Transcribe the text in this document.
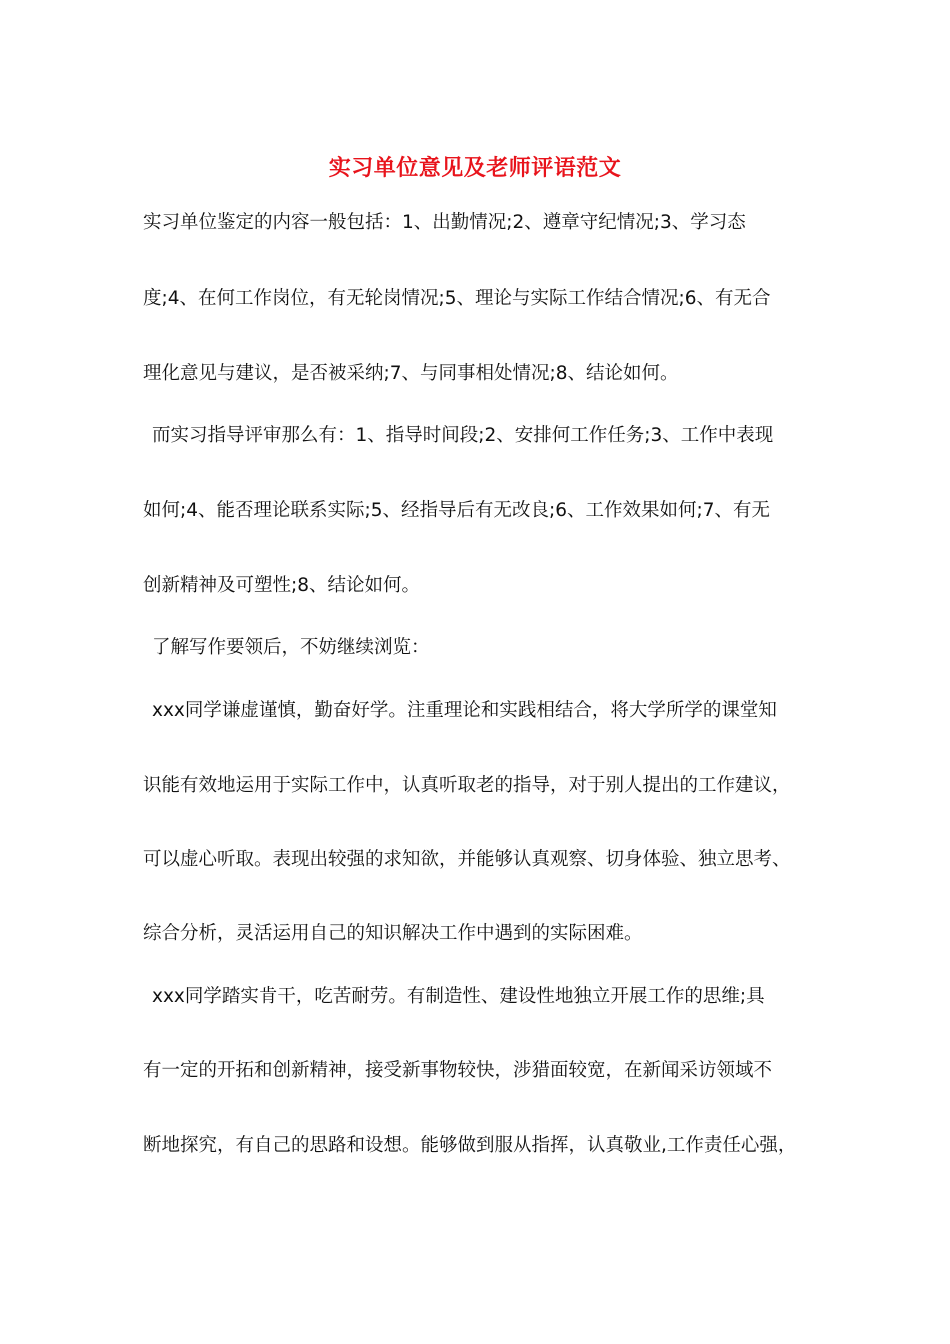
实习单位意见及老师评语范文
实习单位鉴定的内容一般包括：1、出勤情况;2、遵章守纪情况;3、学习态
度;4、在何工作岗位，有无轮岗情况;5、理论与实际工作结合情况;6、有无合
理化意见与建议，是否被采纳;7、与同事相处情况;8、结论如何。
而实习指导评审那么有：1、指导时间段;2、安排何工作任务;3、工作中表现
如何;4、能否理论联系实际;5、经指导后有无改良;6、工作效果如何;7、有无
创新精神及可塑性;8、结论如何。
了解写作要领后，不妨继续浏览：
xxx同学谦虚谨慎，勤奋好学。注重理论和实践相结合，将大学所学的课堂知
识能有效地运用于实际工作中，认真听取老的指导，对于别人提出的工作建议，
可以虚心听取。表现出较强的求知欲，并能够认真观察、切身体验、独立思考、
综合分析，灵活运用自己的知识解决工作中遇到的实际困难。
xxx同学踏实肯干，吃苦耐劳。有制造性、建设性地独立开展工作的思维;具
有一定的开拓和创新精神，接受新事物较快，涉猎面较宽，在新闻采访领域不
断地探究，有自己的思路和设想。能够做到服从指挥，认真敬业,工作责任心强，
